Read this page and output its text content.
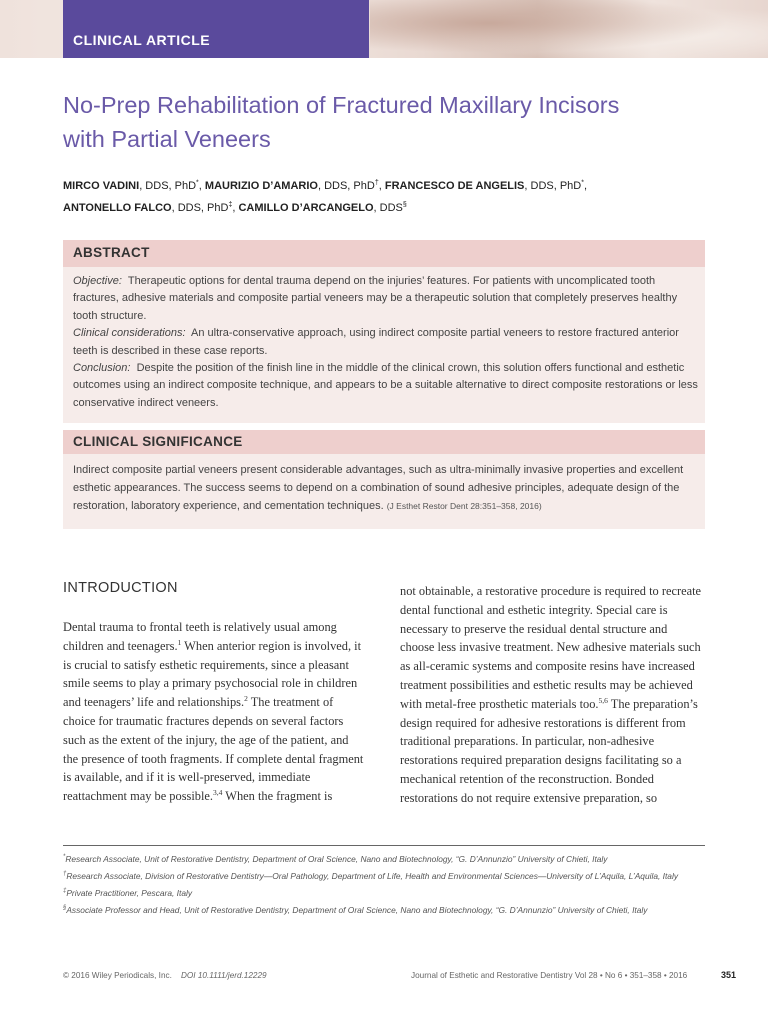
CLINICAL ARTICLE
No-Prep Rehabilitation of Fractured Maxillary Incisors
with Partial Veneers
MIRCO VADINI, DDS, PhD*, MAURIZIO D’AMARIO, DDS, PhD†, FRANCESCO DE ANGELIS, DDS, PhD*,
ANTONELLO FALCO, DDS, PhD‡, CAMILLO D’ARCANGELO, DDS§
ABSTRACT
Objective: Therapeutic options for dental trauma depend on the injuries’ features. For patients with uncomplicated tooth fractures, adhesive materials and composite partial veneers may be a therapeutic solution that completely preserves healthy tooth structure.
Clinical considerations: An ultra-conservative approach, using indirect composite partial veneers to restore fractured anterior teeth is described in these case reports.
Conclusion: Despite the position of the finish line in the middle of the clinical crown, this solution offers functional and esthetic outcomes using an indirect composite technique, and appears to be a suitable alternative to direct composite restorations or less conservative indirect veneers.
CLINICAL SIGNIFICANCE
Indirect composite partial veneers present considerable advantages, such as ultra-minimally invasive properties and excellent esthetic appearances. The success seems to depend on a combination of sound adhesive principles, adequate design of the restoration, laboratory experience, and cementation techniques. (J Esthet Restor Dent 28:351–358, 2016)
INTRODUCTION

Dental trauma to frontal teeth is relatively usual among children and teenagers.$^1$ When anterior region is involved, it is crucial to satisfy esthetic requirements, since a pleasant smile seems to play a primary psychosocial role in children and teenagers’ life and relationships.$^2$ The treatment of choice for traumatic fractures depends on several factors such as the extent of the injury, the age of the patient, and the presence of tooth fragments. If complete dental fragment is available, and if it is well-preserved, immediate reattachment may be possible.$^{3,4}$ When the fragment is

not obtainable, a restorative procedure is required to recreate dental functional and esthetic integrity. Special care is necessary to preserve the residual dental structure and choose less invasive treatment. New adhesive materials such as all-ceramic systems and composite resins have increased treatment possibilities and esthetic results may be achieved with metal-free prosthetic materials too.$^{5,6}$ The preparation’s design required for adhesive restorations is different from traditional preparations. In particular, non-adhesive restorations required preparation designs facilitating so a mechanical retention of the reconstruction. Bonded restorations do not require extensive preparation, so

*Research Associate, Unit of Restorative Dentistry, Department of Oral Science, Nano and Biotechnology, “G. D’Annunzio” University of Chieti, Italy
†Research Associate, Division of Restorative Dentistry—Oral Pathology, Department of Life, Health and Environmental Sciences—University of L’Aquila, L’Aquila, Italy
‡Private Practitioner, Pescara, Italy
§Associate Professor and Head, Unit of Restorative Dentistry, Department of Oral Science, Nano and Biotechnology, “G. D’Annunzio” University of Chieti, Italy
© 2016 Wiley Periodicals, Inc. DOI 10.1111/jerd.12229	Journal of Esthetic and Restorative Dentistry Vol 28 • No 6 • 351–358 • 2016	351
